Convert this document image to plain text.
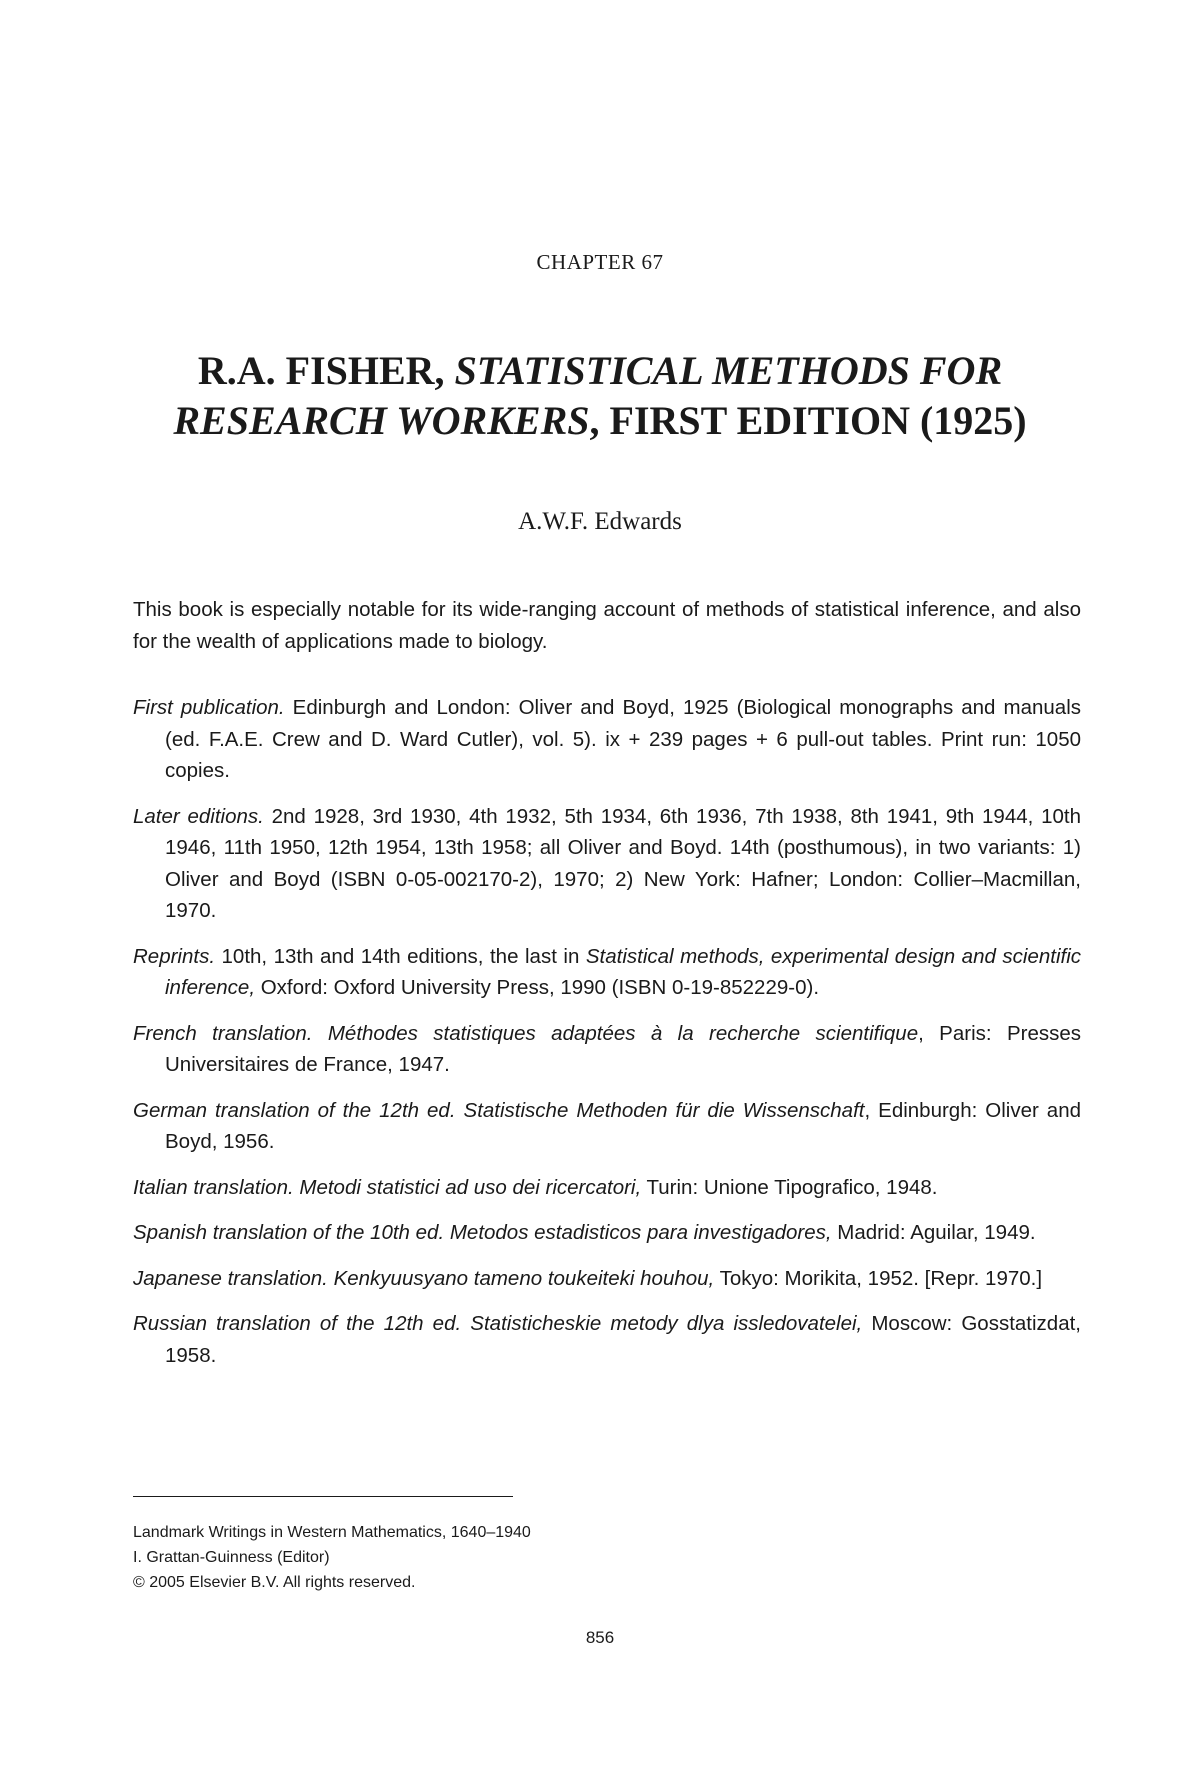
CHAPTER 67
R.A. FISHER, STATISTICAL METHODS FOR
RESEARCH WORKERS, FIRST EDITION (1925)
A.W.F. Edwards
This book is especially notable for its wide-ranging account of methods of statistical inference, and also for the wealth of applications made to biology.

First publication. Edinburgh and London: Oliver and Boyd, 1925 (Biological monographs and manuals (ed. F.A.E. Crew and D. Ward Cutler), vol. 5). ix + 239 pages + 6 pull-out tables. Print run: 1050 copies.

Later editions. 2nd 1928, 3rd 1930, 4th 1932, 5th 1934, 6th 1936, 7th 1938, 8th 1941, 9th 1944, 10th 1946, 11th 1950, 12th 1954, 13th 1958; all Oliver and Boyd. 14th (posthumous), in two variants: 1) Oliver and Boyd (ISBN 0-05-002170-2), 1970; 2) New York: Hafner; London: Collier–Macmillan, 1970.

Reprints. 10th, 13th and 14th editions, the last in Statistical methods, experimental design and scientific inference, Oxford: Oxford University Press, 1990 (ISBN 0-19-852229-0).

French translation. Méthodes statistiques adaptées à la recherche scientifique, Paris: Presses Universitaires de France, 1947.

German translation of the 12th ed. Statistische Methoden für die Wissenschaft, Edinburgh: Oliver and Boyd, 1956.

Italian translation. Metodi statistici ad uso dei ricercatori, Turin: Unione Tipografico, 1948.

Spanish translation of the 10th ed. Metodos estadisticos para investigadores, Madrid: Aguilar, 1949.

Japanese translation. Kenkyuusyano tameno toukeiteki houhou, Tokyo: Morikita, 1952. [Repr. 1970.]

Russian translation of the 12th ed. Statisticheskie metody dlya issledovatelei, Moscow: Gosstatizdat, 1958.

Landmark Writings in Western Mathematics, 1640–1940
I. Grattan-Guinness (Editor)
© 2005 Elsevier B.V. All rights reserved.
856
